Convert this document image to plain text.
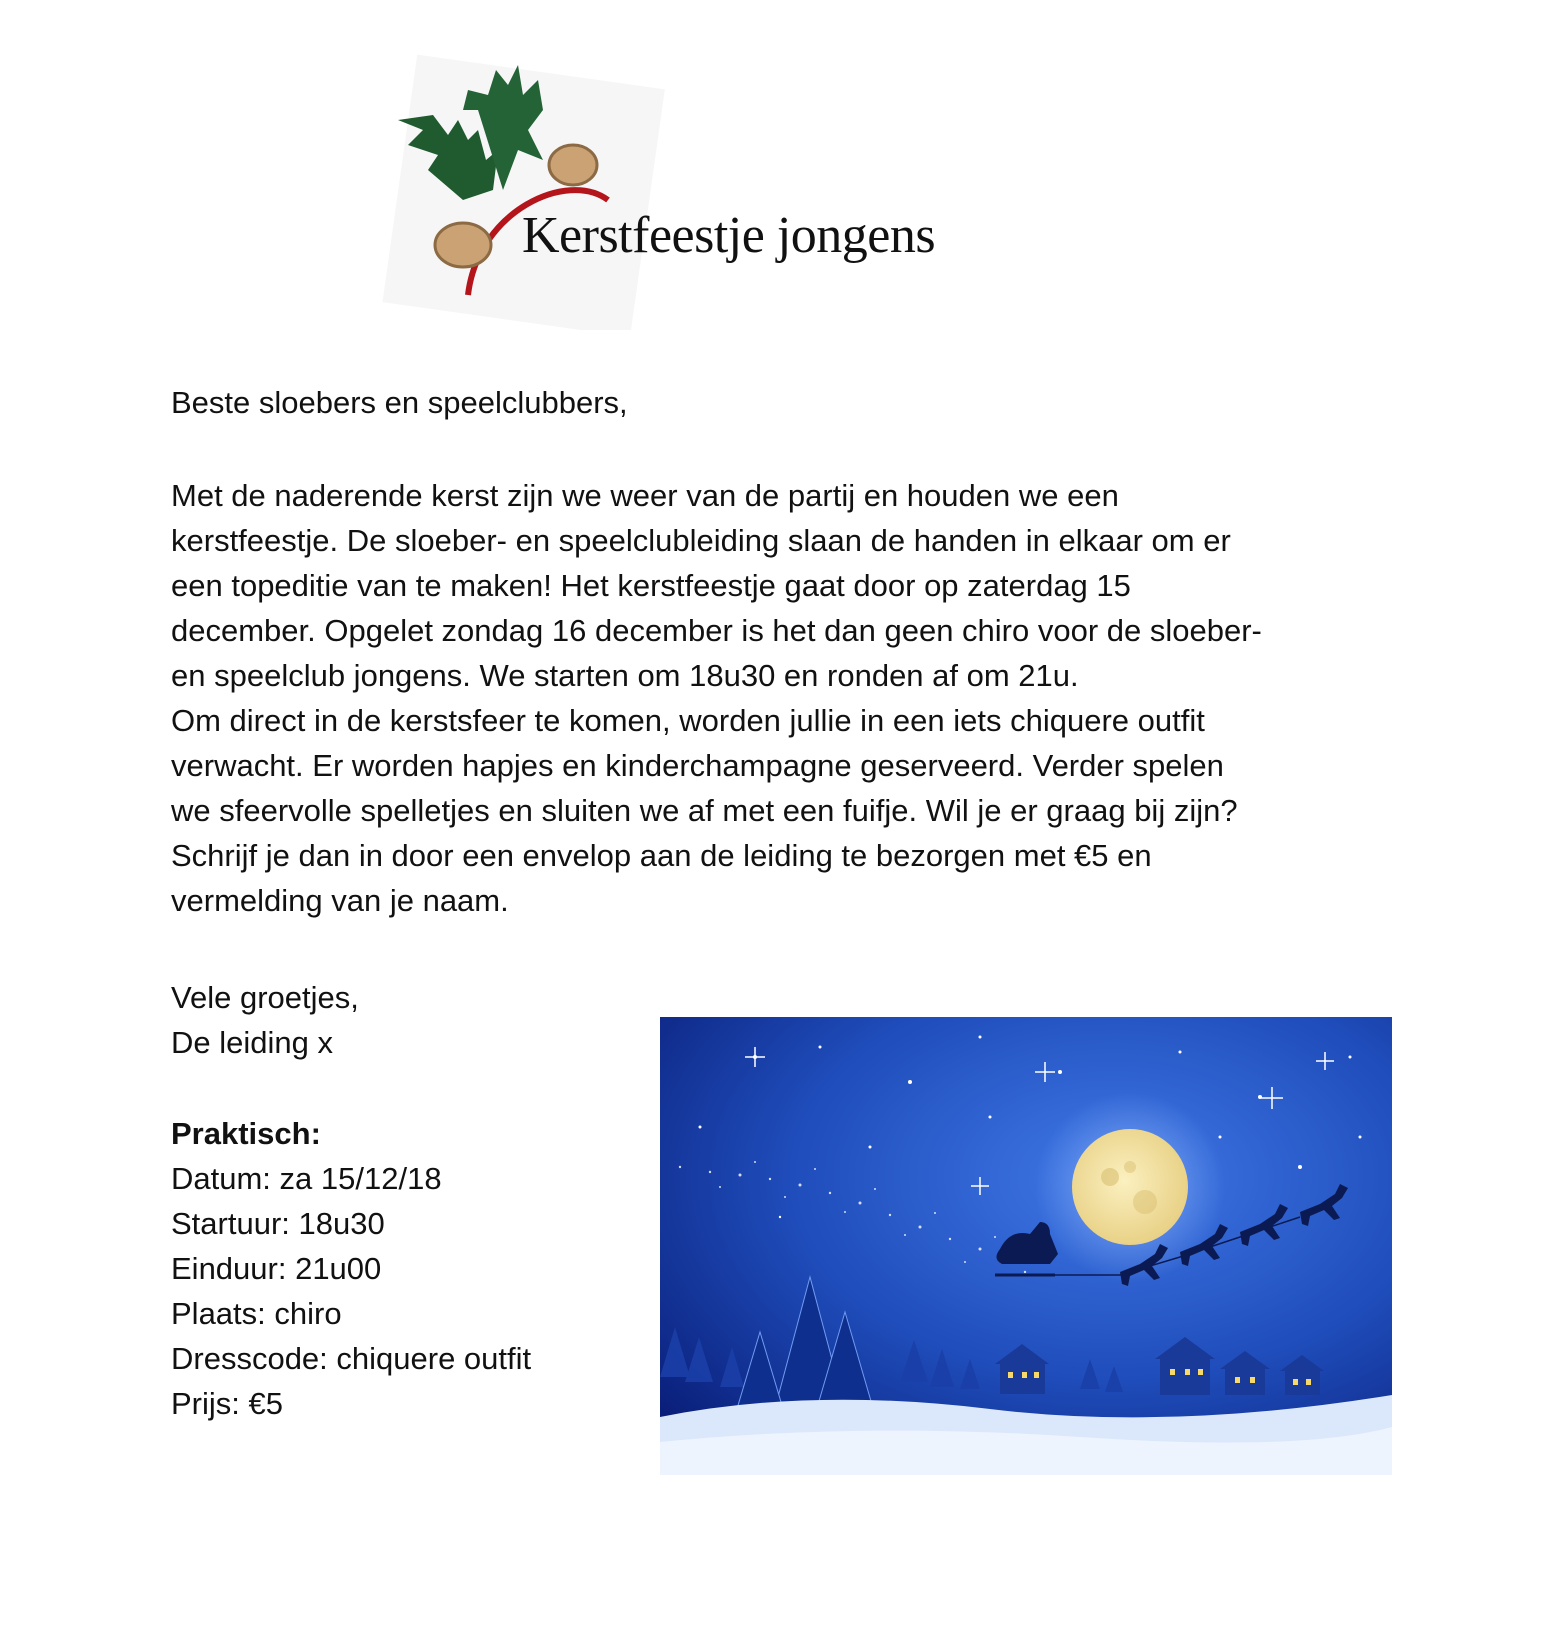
Kerstfeestje jongens
Beste sloebers en speelclubbers,
Met de naderende kerst zijn we weer van de partij en houden we een
kerstfeestje. De sloeber- en speelclubleiding slaan de handen in elkaar om er
een topeditie van te maken! Het kerstfeestje gaat door op zaterdag 15
december. Opgelet zondag 16 december is het dan geen chiro voor de sloeber-
en speelclub jongens. We starten om 18u30 en ronden af om 21u.
Om direct in de kerstsfeer te komen, worden jullie in een iets chiquere outfit
verwacht. Er worden hapjes en kinderchampagne geserveerd. Verder spelen
we sfeervolle spelletjes en sluiten we af met een fuifje. Wil je er graag bij zijn?
Schrijf je dan in door een envelop aan de leiding te bezorgen met €5 en
vermelding van je naam.
Vele groetjes,
De leiding x
Praktisch:
Datum: za 15/12/18
Startuur: 18u30
Einduur: 21u00
Plaats: chiro
Dresscode: chiquere outfit
Prijs: €5
